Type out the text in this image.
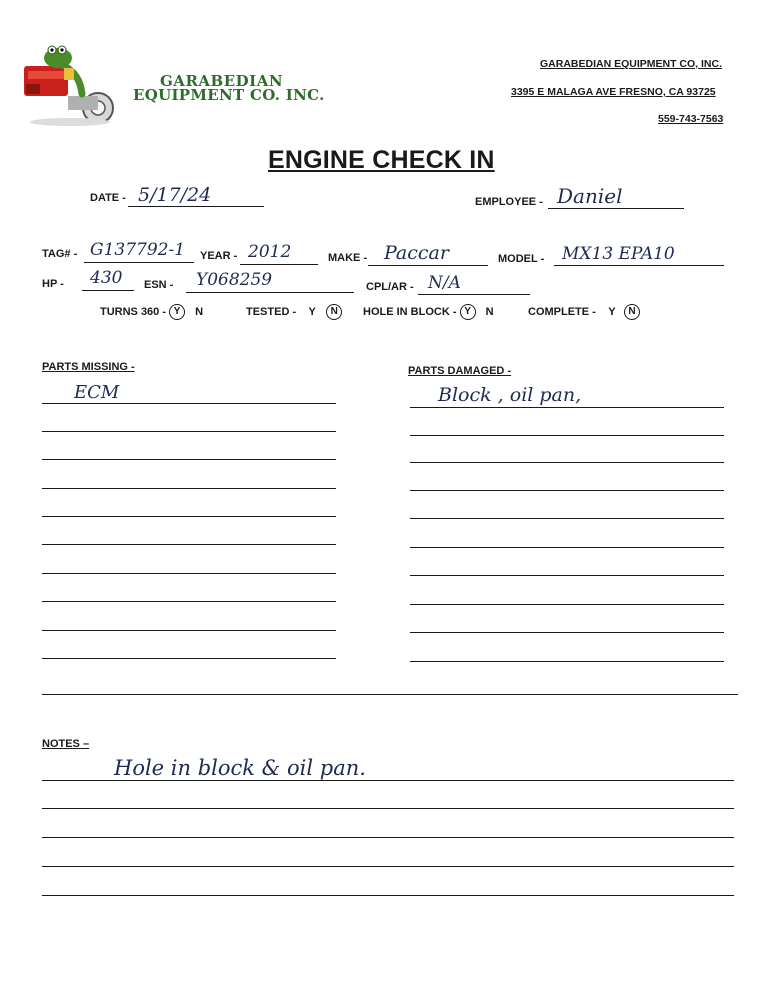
GARABEDIAN
EQUIPMENT CO. INC.
GARABEDIAN EQUIPMENT CO, INC.
3395 E MALAGA AVE FRESNO, CA 93725
559-743-7563
ENGINE CHECK IN
DATE - 5/17/24	EMPLOYEE - Daniel
TAG# - G137792-1 YEAR - 2012	MAKE - Paccar	MODEL - MX13 EPA10
HP - 430 ESN - Y068259	CPL/AR - N/A
TURNS 360 - Y N	TESTED - Y N	HOLE IN BLOCK - Y N	COMPLETE - Y N
PARTS MISSING -
ECM
PARTS DAMAGED -
Block , oil pan,
NOTES –
Hole in block & oil pan.
